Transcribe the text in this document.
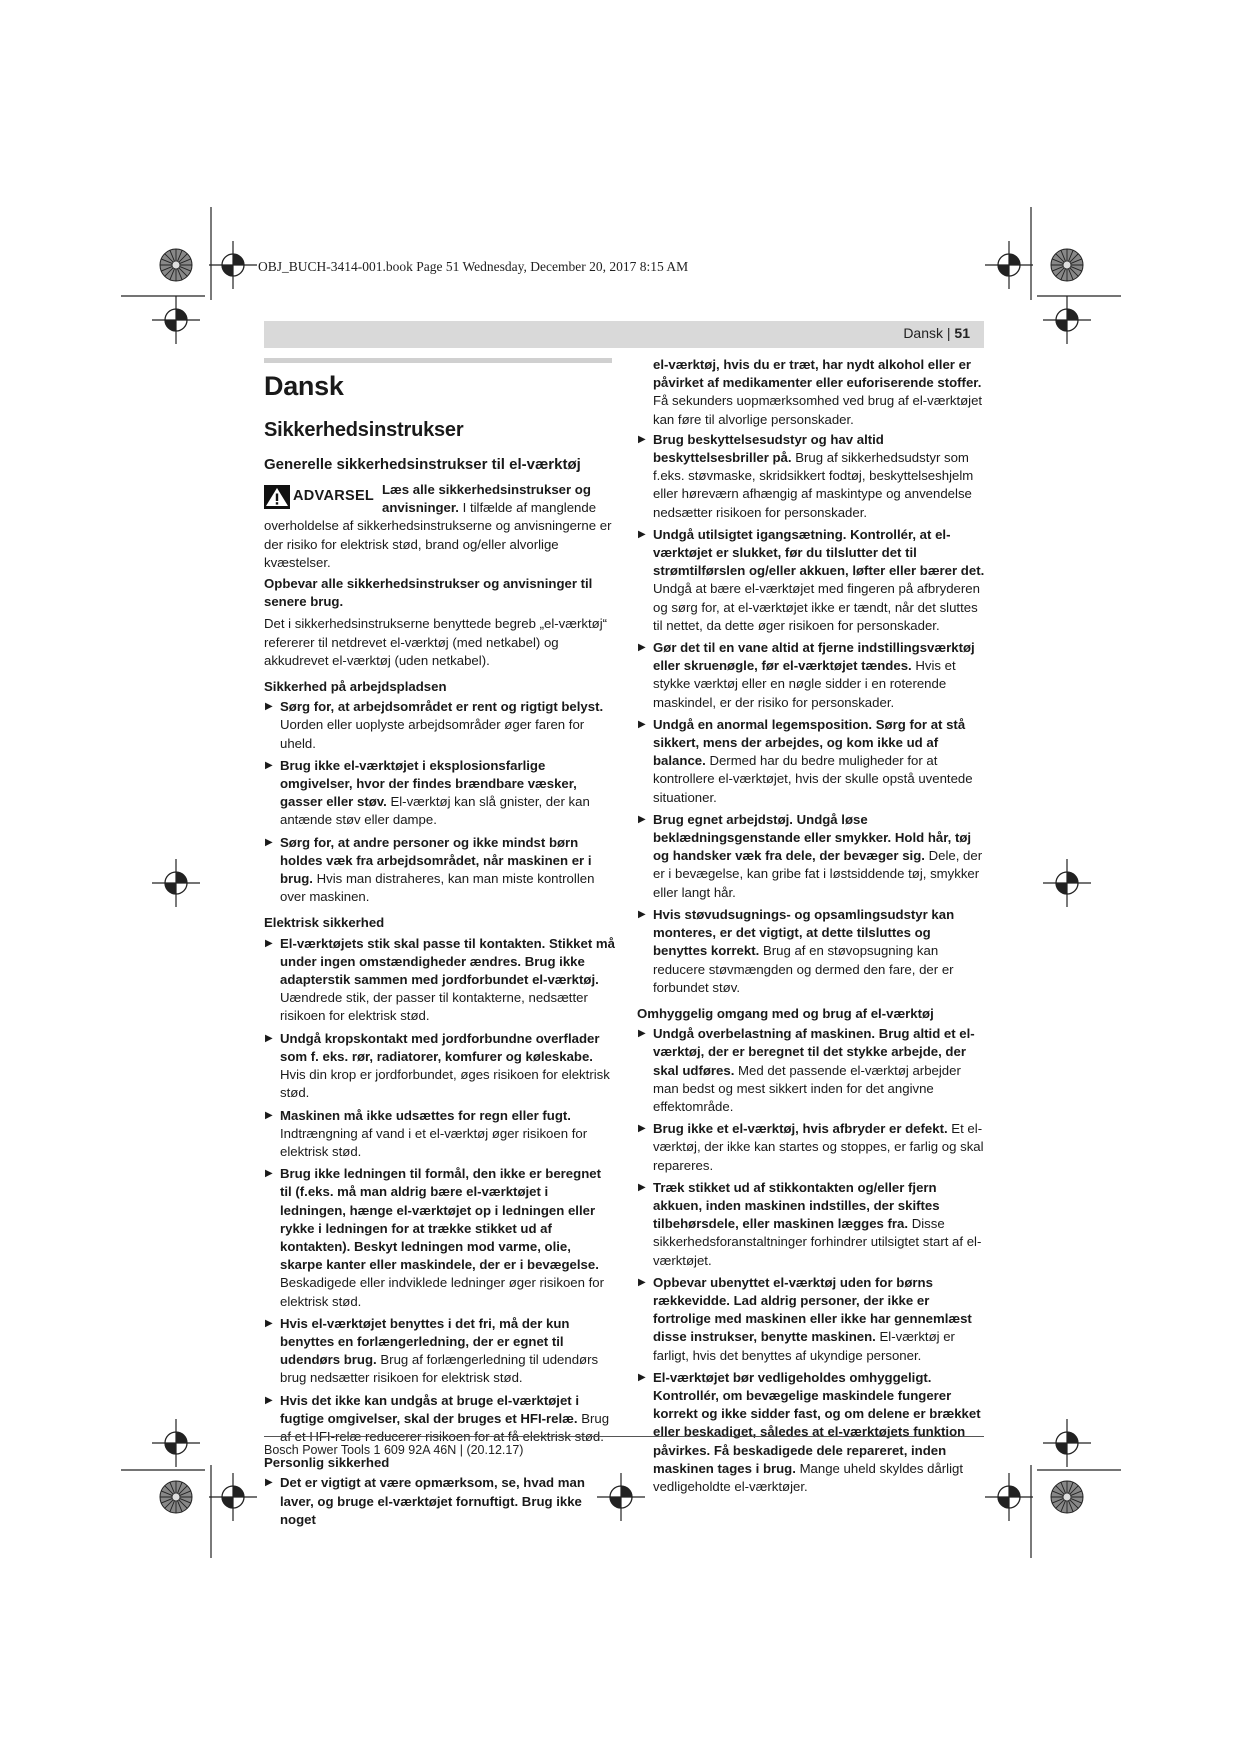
OBJ_BUCH-3414-001.book Page 51 Wednesday, December 20, 2017 8:15 AM
Dansk | 51
Dansk
Sikkerhedsinstrukser
Generelle sikkerhedsinstrukser til el-værktøj
ADVARSEL Læs alle sikkerhedsinstrukser og anvisninger. I tilfælde af manglende overholdelse af sikkerhedsinstrukserne og anvisningerne er der risiko for elektrisk stød, brand og/eller alvorlige kvæstelser.

Opbevar alle sikkerhedsinstrukser og anvisninger til senere brug.

Det i sikkerhedsinstrukserne benyttede begreb „el-værktøj“ refererer til netdrevet el-værktøj (med netkabel) og akkudrevet el-værktøj (uden netkabel).

Sikkerhed på arbejdspladsen
▶ Sørg for, at arbejdsområdet er rent og rigtigt belyst. Uorden eller uoplyste arbejdsområder øger faren for uheld.
▶ Brug ikke el-værktøjet i eksplosionsfarlige omgivelser, hvor der findes brændbare væsker, gasser eller støv. El-værktøj kan slå gnister, der kan antænde støv eller dampe.
▶ Sørg for, at andre personer og ikke mindst børn holdes væk fra arbejdsområdet, når maskinen er i brug. Hvis man distraheres, kan man miste kontrollen over maskinen.
Elektrisk sikkerhed
▶ El-værktøjets stik skal passe til kontakten. Stikket må under ingen omstændigheder ændres. Brug ikke adapterstik sammen med jordforbundet el-værktøj. Uændrede stik, der passer til kontakterne, nedsætter risikoen for elektrisk stød.
▶ Undgå kropskontakt med jordforbundne overflader som f. eks. rør, radiatorer, komfurer og køleskabe. Hvis din krop er jordforbundet, øges risikoen for elektrisk stød.
▶ Maskinen må ikke udsættes for regn eller fugt. Indtrængning af vand i et el-værktøj øger risikoen for elektrisk stød.
▶ Brug ikke ledningen til formål, den ikke er beregnet til (f.eks. må man aldrig bære el-værktøjet i ledningen, hænge el-værktøjet op i ledningen eller rykke i ledningen for at trække stikket ud af kontakten). Beskyt ledningen mod varme, olie, skarpe kanter eller maskindele, der er i bevægelse. Beskadigede eller indviklede ledninger øger risikoen for elektrisk stød.
▶ Hvis el-værktøjet benyttes i det fri, må der kun benyttes en forlængerledning, der er egnet til udendørs brug. Brug af forlængerledning til udendørs brug nedsætter risikoen for elektrisk stød.
▶ Hvis det ikke kan undgås at bruge el-værktøjet i fugtige omgivelser, skal der bruges et HFI-relæ. Brug af et HFI-relæ reducerer risikoen for at få elektrisk stød.
Personlig sikkerhed
▶ Det er vigtigt at være opmærksom, se, hvad man laver, og bruge el-værktøjet fornuftigt. Brug ikke noget

el-værktøj, hvis du er træt, har nydt alkohol eller er påvirket af medikamenter eller euforiserende stoffer. Få sekunders uopmærksomhed ved brug af el-værktøjet kan føre til alvorlige personskader.

▶ Brug beskyttelsesudstyr og hav altid beskyttelsesbriller på. Brug af sikkerhedsudstyr som f.eks. støvmaske, skridsikkert fodtøj, beskyttelseshjelm eller høreværn afhængig af maskintype og anvendelse nedsætter risikoen for personskader.
▶ Undgå utilsigtet igangsætning. Kontrollér, at el-værktøjet er slukket, før du tilslutter det til strømtilførslen og/eller akkuen, løfter eller bærer det. Undgå at bære el-værktøjet med fingeren på afbryderen og sørg for, at el-værktøjet ikke er tændt, når det sluttes til nettet, da dette øger risikoen for personskader.
▶ Gør det til en vane altid at fjerne indstillingsværktøj eller skruenøgle, før el-værktøjet tændes. Hvis et stykke værktøj eller en nøgle sidder i en roterende maskindel, er der risiko for personskader.
▶ Undgå en anormal legemsposition. Sørg for at stå sikkert, mens der arbejdes, og kom ikke ud af balance. Dermed har du bedre muligheder for at kontrollere el-værktøjet, hvis der skulle opstå uventede situationer.
▶ Brug egnet arbejdstøj. Undgå løse beklædningsgenstande eller smykker. Hold hår, tøj og handsker væk fra dele, der bevæger sig. Dele, der er i bevægelse, kan gribe fat i løstsiddende tøj, smykker eller langt hår.
▶ Hvis støvudsugnings- og opsamlingsudstyr kan monteres, er det vigtigt, at dette tilsluttes og benyttes korrekt. Brug af en støvopsugning kan reducere støvmængden og dermed den fare, der er forbundet støv.
Omhyggelig omgang med og brug af el-værktøj
▶ Undgå overbelastning af maskinen. Brug altid et el-værktøj, der er beregnet til det stykke arbejde, der skal udføres. Med det passende el-værktøj arbejder man bedst og mest sikkert inden for det angivne effektområde.
▶ Brug ikke et el-værktøj, hvis afbryder er defekt. Et el-værktøj, der ikke kan startes og stoppes, er farlig og skal repareres.
▶ Træk stikket ud af stikkontakten og/eller fjern akkuen, inden maskinen indstilles, der skiftes tilbehørsdele, eller maskinen lægges fra. Disse sikkerhedsforanstaltninger forhindrer utilsigtet start af el-værktøjet.
▶ Opbevar ubenyttet el-værktøj uden for børns rækkevidde. Lad aldrig personer, der ikke er fortrolige med maskinen eller ikke har gennemlæst disse instrukser, benytte maskinen. El-værktøj er farligt, hvis det benyttes af ukyndige personer.
▶ El-værktøjet bør vedligeholdes omhyggeligt. Kontrollér, om bevægelige maskindele fungerer korrekt og ikke sidder fast, og om delene er brækket eller beskadiget, således at el-værktøjets funktion påvirkes. Få beskadigede dele repareret, inden maskinen tages i brug. Mange uheld skyldes dårligt vedligeholdte el-værktøjer.
Bosch Power Tools 1 609 92A 46N | (20.12.17)
